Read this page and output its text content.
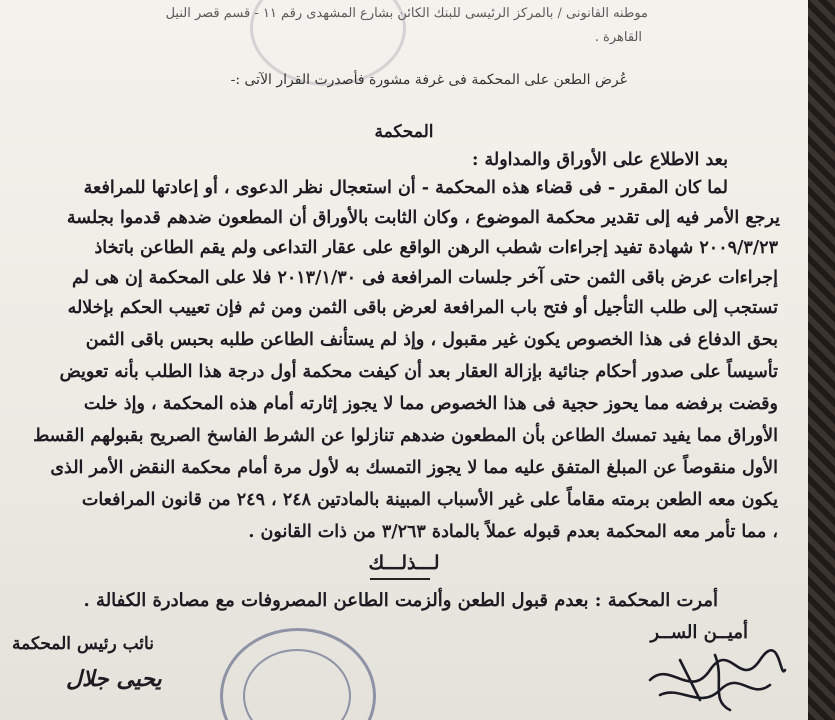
موطنه القانونى / بالمركز الرئيسى للبنك الكائن بشارع المشهدى رقم ١١ - قسم قصر النيل
القاهرة .
عُرض الطعن على المحكمة فى غرفة مشورة فأصدرت القرار الآتى :-
المحكمة
بعد الاطلاع على الأوراق والمداولة :
لما كان المقرر - فى قضاء هذه المحكمة - أن استعجال نظر الدعوى ، أو إعادتها للمرافعة
يرجع الأمر فيه إلى تقدير محكمة الموضوع ، وكان الثابت بالأوراق أن المطعون ضدهم قدموا بجلسة
٢٠٠٩/٣/٢٣ شهادة تفيد إجراءات شطب الرهن الواقع على عقار التداعى ولم يقم الطاعن باتخاذ
إجراءات عرض باقى الثمن حتى آخر جلسات المرافعة فى ٢٠١٣/١/٣٠ فلا على المحكمة إن هى لم
تستجب إلى طلب التأجيل أو فتح باب المرافعة لعرض باقى الثمن ومن ثم فإن تعييب الحكم بإخلاله
بحق الدفاع فى هذا الخصوص يكون غير مقبول ، وإذ لم يستأنف الطاعن طلبه بحبس باقى الثمن
تأسيساً على صدور أحكام جنائية بإزالة العقار بعد أن كيفت محكمة أول درجة هذا الطلب بأنه تعويض
وقضت برفضه مما يحوز حجية فى هذا الخصوص مما لا يجوز إثارته أمام هذه المحكمة ، وإذ خلت
الأوراق مما يفيد تمسك الطاعن بأن المطعون ضدهم تنازلوا عن الشرط الفاسخ الصريح بقبولهم القسط
الأول منقوصاً عن المبلغ المتفق عليه مما لا يجوز التمسك به لأول مرة أمام محكمة النقض الأمر الذى
يكون معه الطعن برمته مقاماً على غير الأسباب المبينة بالمادتين ٢٤٨ ، ٢٤٩ من قانون المرافعات
، مما تأمر معه المحكمة بعدم قبوله عملاً بالمادة ٣/٢٦٣ من ذات القانون .
لـــذلـــك
أمرت المحكمة : بعدم قبول الطعن وألزمت الطاعن المصروفات مع مصادرة الكفالة .
أميــن الســر
نائب رئيس المحكمة
يحيى جلال
